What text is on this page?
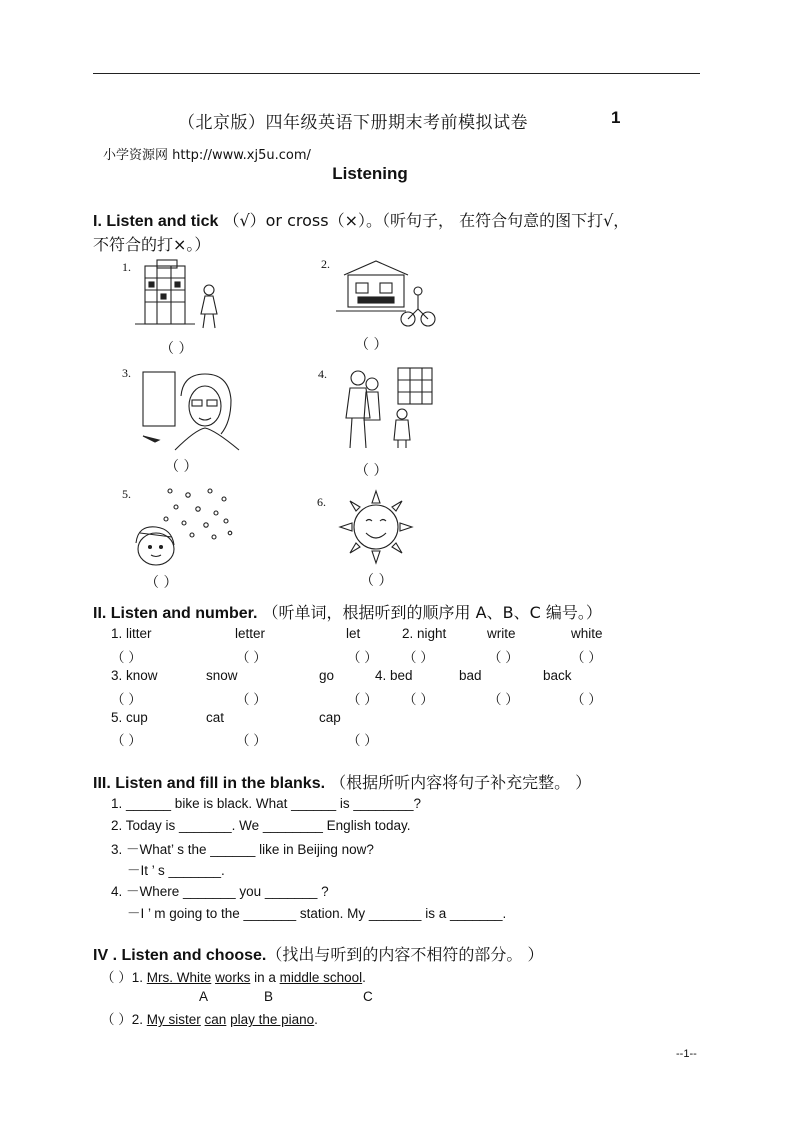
（北京版）四年级英语下册期末考前模拟试卷	1
小学资源网 http://www.xj5u.com/
Listening
I. Listen and tick （√）or cross（×）。（听句子， 在符合句意的图下打√，
不符合的打×。）
1.
（ ）
2.
（ ）
3.
（ ）
4.
（ ）
5.
（ ）
6.
（ ）
II. Listen and number. （听单词，根据听到的顺序用 A、B、C 编号。）
1. litter	letter	let	2. night	write	white
（ ）	（ ）	（ ） （ ）	（ ）	（ ）
3. know	snow	go	4. bed	bad	back
（ ）	（ ）	（ ） （ ）	（ ）	（ ）
5. cup	cat	cap
（ ）	（ ）	（ ）
III. Listen and fill in the blanks. （根据所听内容将句子补充完整。 ）
1. ______ bike is black. What ______ is ________?
2. Today is _______. We ________ English today.
3. －What’ s the ______ like in Beijing now?
－It ’ s _______.
4. －Where _______ you _______ ?
－I ’ m going to the _______ station. My _______ is a _______.
IV . Listen and choose.（找出与听到的内容不相符的部分。 ）
（ ）1. Mrs. White works in a middle school.
A	B	C
（ ）2. My sister can play the piano.
--1--
